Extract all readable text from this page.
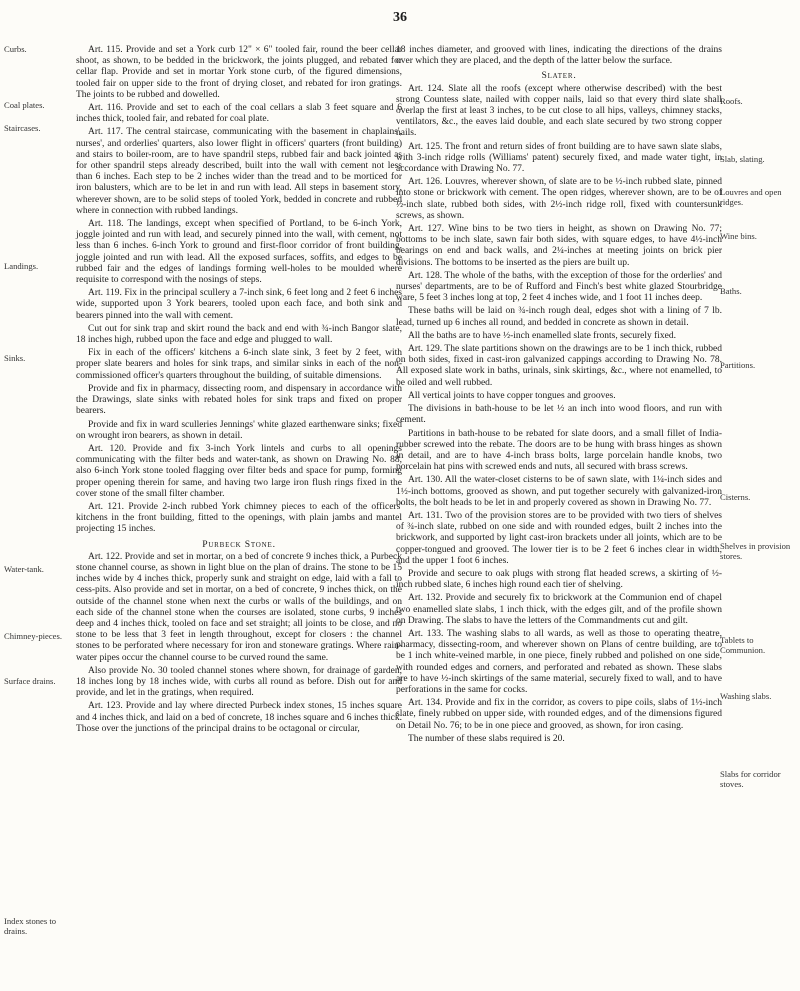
36
Curbs.
Coal plates.
Staircases.
Landings.
Sinks.
Water-tank.
Chimney-pieces.
Surface drains.
Index stones to drains.
Roofs.
Slab, slating.
Louvres and open ridges.
Wine bins.
Baths.
Partitions.
Cisterns.
Shelves in provision stores.
Tablets to Communion.
Washing slabs.
Slabs for corridor stoves.

Art. 115. Provide and set a York curb 12" × 6" tooled fair, round the beer cellar shoot, as shown, to be bedded in the brickwork, the joints plugged, and rebated for cellar flap. Provide and set in mortar York stone curb, of the figured dimensions, tooled fair on upper side to the front of drying closet, and rebated for iron gratings. The joints to be rubbed and dowelled.

Art. 116. Provide and set to each of the coal cellars a slab 3 feet square and 6 inches thick, tooled fair, and rebated for coal plate.

Art. 117. The central staircase, communicating with the basement in chaplains', nurses', and orderlies' quarters, also lower flight in officers' quarters (front building) and stairs to boiler-room, are to have spandril steps, rubbed fair and back jointed as for other spandril steps already described, built into the wall with cement not less than 6 inches. Each step to be 2 inches wider than the tread and to be morticed for iron balusters, which are to be let in and run with lead. All steps in basement story, wherever shown, are to be solid steps of tooled York, bedded in concrete and rubbed where in connection with rubbed landings.

Art. 118. The landings, except when specified of Portland, to be 6-inch York, joggle jointed and run with lead, and securely pinned into the wall, with cement, not less than 6 inches. 6-inch York to ground and first-floor corridor of front building, joggle jointed and run with lead. All the exposed surfaces, soffits, and edges to be rubbed fair and the edges of landings forming well-holes to be moulded where requisite to correspond with the nosings of steps.

Art. 119. Fix in the principal scullery a 7-inch sink, 6 feet long and 2 feet 6 inches wide, supported upon 3 York bearers, tooled upon each face, and both sink and bearers pinned into the wall with cement.

Cut out for sink trap and skirt round the back and end with ¾-inch Bangor slate, 18 inches high, rubbed upon the face and edge and plugged to wall.

Fix in each of the officers' kitchens a 6-inch slate sink, 3 feet by 2 feet, with proper slate bearers and holes for sink traps, and similar sinks in each of the non-commissioned officer's quarters throughout the building, of suitable dimensions.

Provide and fix in pharmacy, dissecting room, and dispensary in accordance with the Drawings, slate sinks with rebated holes for sink traps and fixed on proper bearers.

Provide and fix in ward sculleries Jennings' white glazed earthenware sinks; fixed on wrought iron bearers, as shown in detail.

Art. 120. Provide and fix 3-inch York lintels and curbs to all openings communicating with the filter beds and water-tank, as shown on Drawing No. 88, also 6-inch York stone tooled flagging over filter beds and space for pump, forming proper opening therein for same, and having two large iron flush rings fixed in the cover stone of the small filter chamber.

Art. 121. Provide 2-inch rubbed York chimney pieces to each of the officers' kitchens in the front building, fitted to the openings, with plain jambs and mantel projecting 15 inches.

Purbeck Stone.

Art. 122. Provide and set in mortar, on a bed of concrete 9 inches thick, a Purbeck stone channel course, as shown in light blue on the plan of drains. The stone to be 15 inches wide by 4 inches thick, properly sunk and straight on edge, laid with a fall to cess-pits. Also provide and set in mortar, on a bed of concrete, 9 inches thick, on the outside of the channel stone when next the curbs or walls of the buildings, and on each side of the channel stone when the courses are isolated, stone curbs, 9 inches deep and 4 inches thick, tooled on face and set straight; all joints to be close, and no stone to be less that 3 feet in length throughout, except for closers : the channel stones to be perforated where necessary for iron and stoneware gratings. Where rain-water pipes occur the channel course to be curved round the same.

Also provide No. 30 tooled channel stones where shown, for drainage of garden, 18 inches long by 18 inches wide, with curbs all round as before. Dish out for and provide, and let in the gratings, when required.

Art. 123. Provide and lay where directed Purbeck index stones, 15 inches square and 4 inches thick, and laid on a bed of concrete, 18 inches square and 6 inches thick. Those over the junctions of the principal drains to be octagonal or circular,

18 inches diameter, and grooved with lines, indicating the directions of the drains over which they are placed, and the depth of the latter below the surface.

Slater.

Art. 124. Slate all the roofs (except where otherwise described) with the best strong Countess slate, nailed with copper nails, laid so that every third slate shall overlap the first at least 3 inches, to be cut close to all hips, valleys, chimney stacks, ventilators, &c., the eaves laid double, and each slate secured by two strong copper nails.

Art. 125. The front and return sides of front building are to have sawn slate slabs, with 3-inch ridge rolls (Williams' patent) securely fixed, and made water tight, in accordance with Drawing No. 77.

Art. 126. Louvres, wherever shown, of slate are to be ½-inch rubbed slate, pinned into stone or brickwork with cement. The open ridges, wherever shown, are to be of ½-inch slate, rubbed both sides, with 2½-inch ridge roll, fixed with countersunk screws, as shown.

Art. 127. Wine bins to be two tiers in height, as shown on Drawing No. 77; bottoms to be inch slate, sawn fair both sides, with square edges, to have 4½-inch bearings on end and back walls, and 2¼-inches at meeting joints on brick pier divisions. The bottoms to be inserted as the piers are built up.

Art. 128. The whole of the baths, with the exception of those for the orderlies' and nurses' departments, are to be of Rufford and Finch's best white glazed Stourbridge ware, 5 feet 3 inches long at top, 2 feet 4 inches wide, and 1 foot 11 inches deep.

These baths will be laid on ¾-inch rough deal, edges shot with a lining of 7 lb. lead, turned up 6 inches all round, and bedded in concrete as shown in detail.

All the baths are to have ½-inch enamelled slate fronts, securely fixed.

Art. 129. The slate partitions shown on the drawings are to be 1 inch thick, rubbed on both sides, fixed in cast-iron galvanized cappings according to Drawing No. 78. All exposed slate work in baths, urinals, sink skirtings, &c., where not enamelled, to be oiled and well rubbed.

All vertical joints to have copper tongues and grooves.

The divisions in bath-house to be let ½ an inch into wood floors, and run with cement.

Partitions in bath-house to be rebated for slate doors, and a small fillet of India-rubber screwed into the rebate. The doors are to be hung with brass hinges as shown in detail, and are to have 4-inch brass bolts, large porcelain handle knobs, two porcelain hat pins with screwed ends and nuts, all secured with brass screws.

Art. 130. All the water-closet cisterns to be of sawn slate, with 1¼-inch sides and 1½-inch bottoms, grooved as shown, and put together securely with galvanized-iron bolts, the bolt heads to be let in and properly covered as shown in Drawing No. 77.

Art. 131. Two of the provision stores are to be provided with two tiers of shelves of ¾-inch slate, rubbed on one side and with rounded edges, built 2 inches into the brickwork, and supported by light cast-iron brackets under all joints, which are to be copper-tongued and grooved. The lower tier is to be 2 feet 6 inches clear in width, and the upper 1 foot 6 inches.

Provide and secure to oak plugs with strong flat headed screws, a skirting of ½-inch rubbed slate, 6 inches high round each tier of shelving.

Art. 132. Provide and securely fix to brickwork at the Communion end of chapel two enamelled slate slabs, 1 inch thick, with the edges gilt, and of the profile shown on Drawing. The slabs to have the letters of the Commandments cut and gilt.

Art. 133. The washing slabs to all wards, as well as those to operating theatre, pharmacy, dissecting-room, and wherever shown on Plans of centre building, are to be 1 inch white-veined marble, in one piece, finely rubbed and polished on one side, with rounded edges and corners, and perforated and rebated as shown. These slabs are to have ½-inch skirtings of the same material, securely fixed to wall, and to have perforations in the same for cocks.

Art. 134. Provide and fix in the corridor, as covers to pipe coils, slabs of 1½-inch slate, finely rubbed on upper side, with rounded edges, and of the dimensions figured on Detail No. 76; to be in one piece and grooved, as shown, for iron casing.

The number of these slabs required is 20.
